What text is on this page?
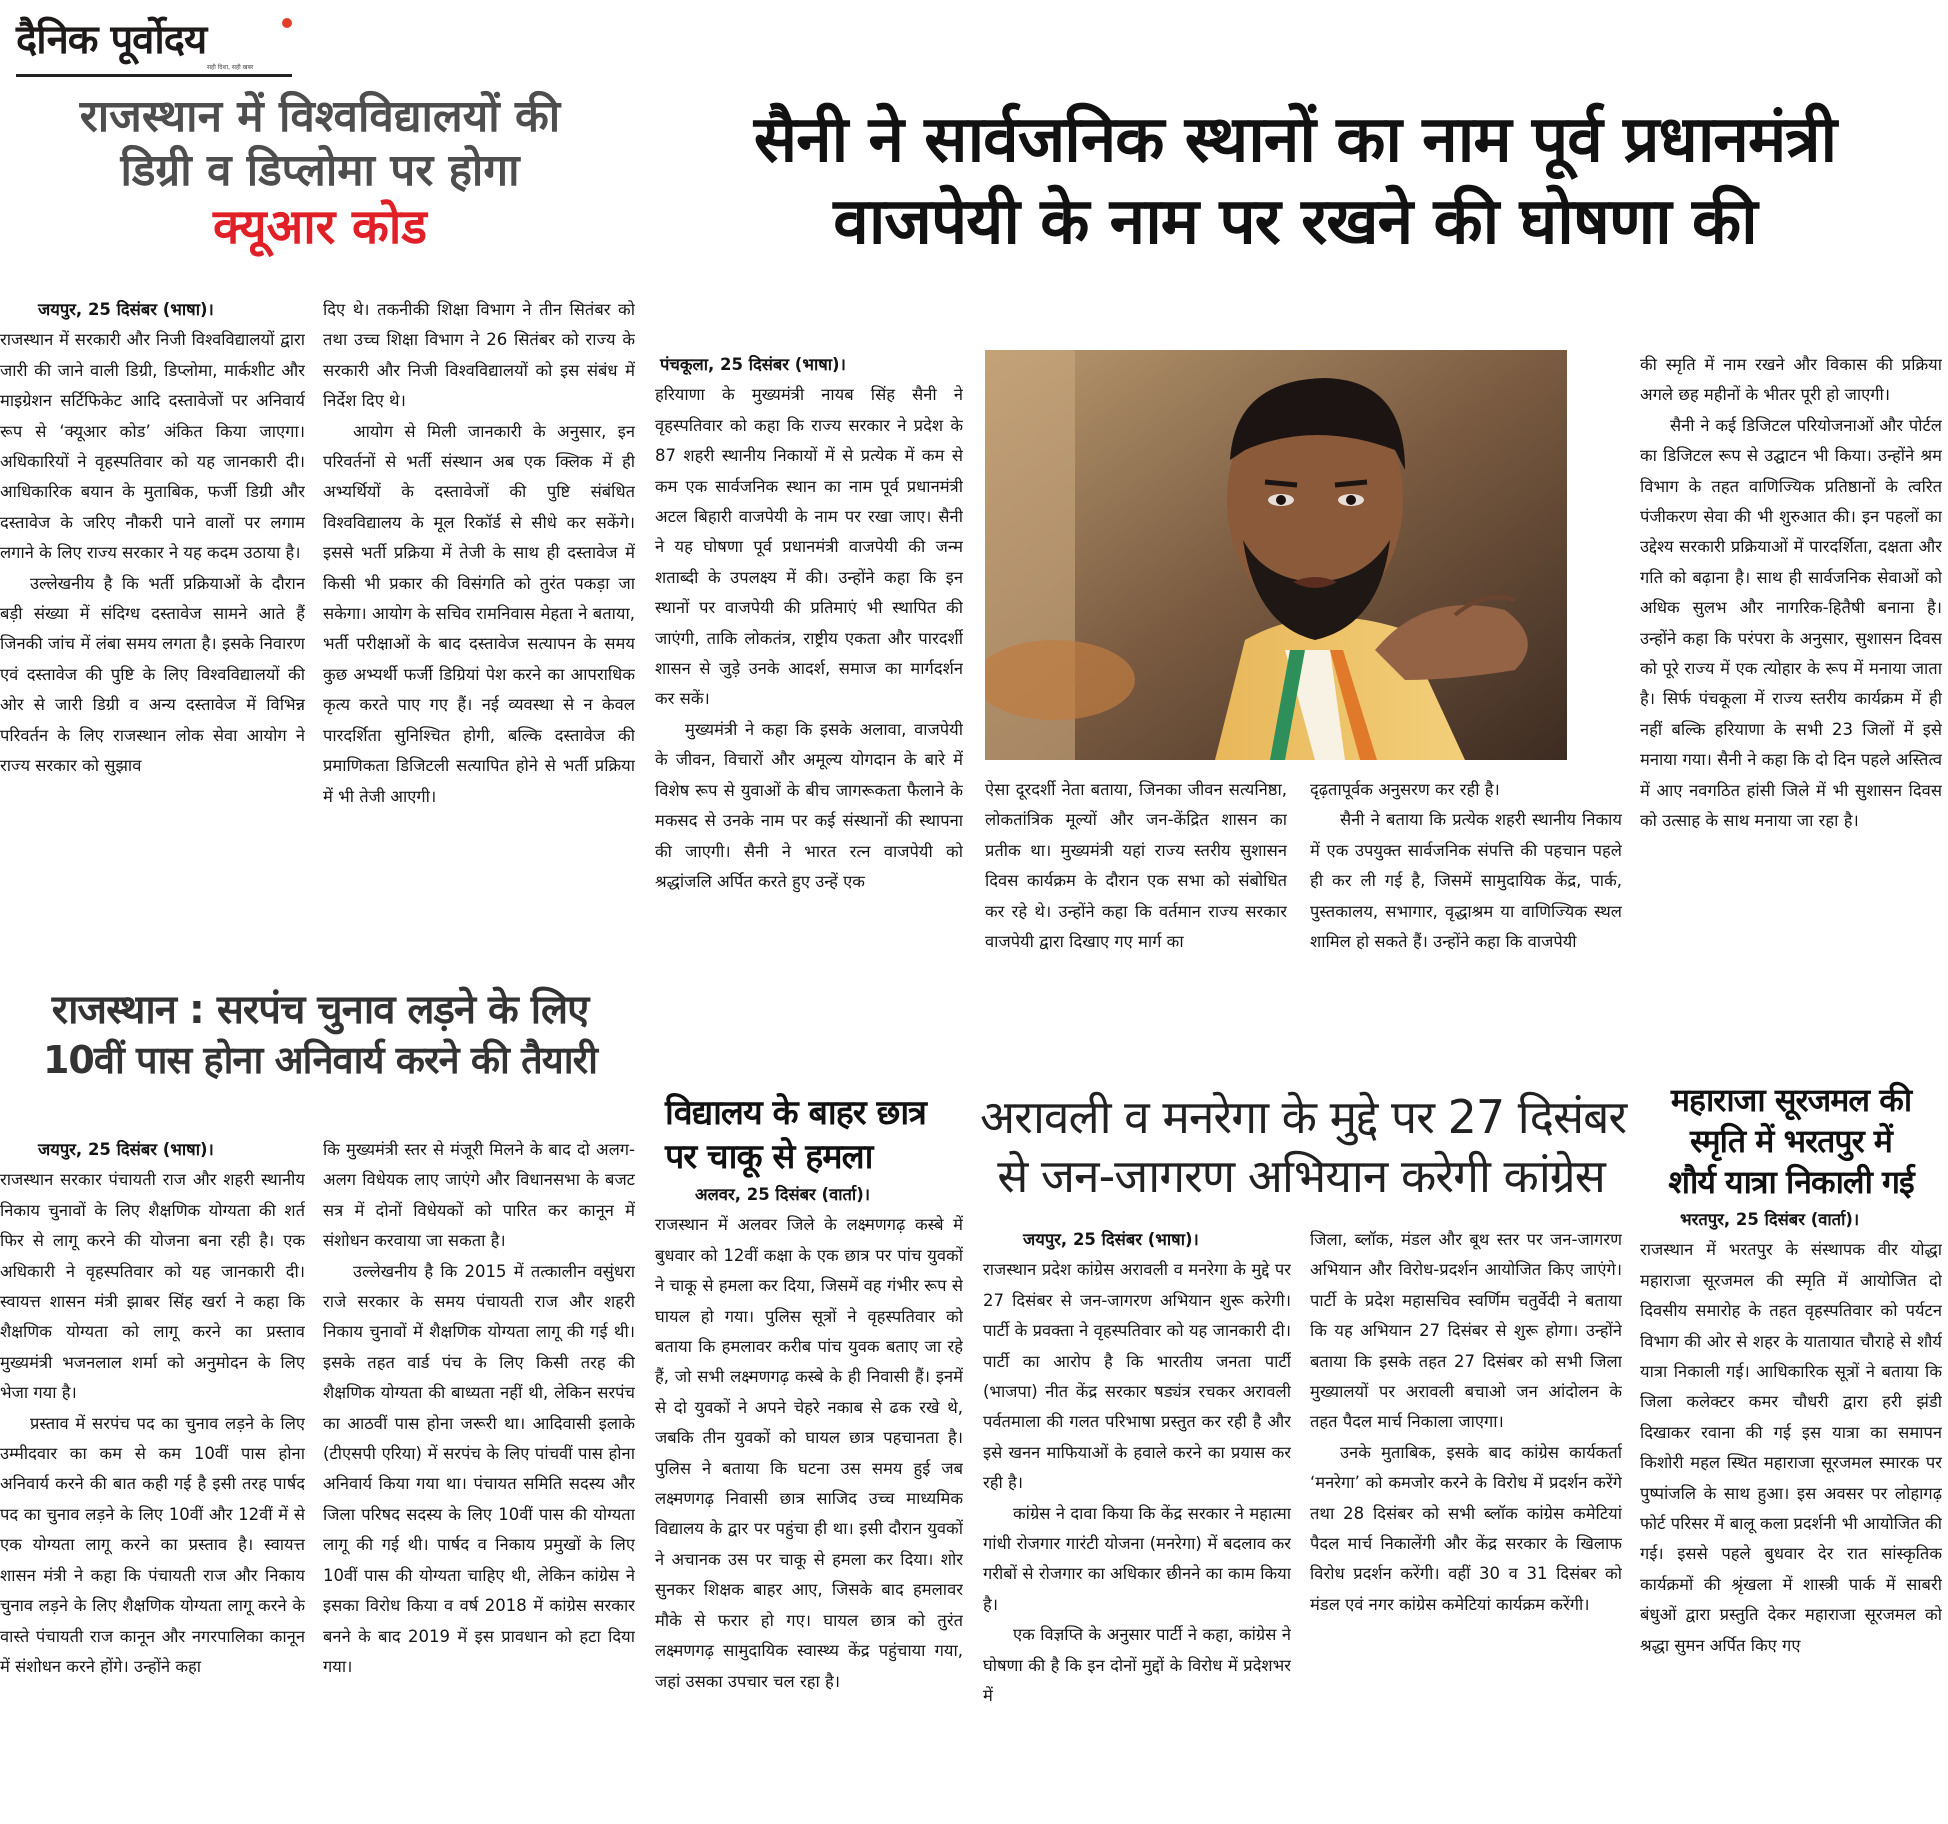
दैनिक पूर्वोदय
सही दिशा, सही खबर
राजस्थान में विश्वविद्यालयों की
डिग्री व डिप्लोमा पर होगा
क्यूआर कोड

जयपुर, 25 दिसंबर (भाषा)।

राजस्थान में सरकारी और निजी विश्वविद्यालयों द्वारा जारी की जाने वाली डिग्री, डिप्लोमा, मार्कशीट और माइग्रेशन सर्टिफिकेट आदि दस्तावेजों पर अनिवार्य रूप से ‘क्यूआर कोड’ अंकित किया जाएगा। अधिकारियों ने वृहस्पतिवार को यह जानकारी दी। आधिकारिक बयान के मुताबिक, फर्जी डिग्री और दस्तावेज के जरिए नौकरी पाने वालों पर लगाम लगाने के लिए राज्य सरकार ने यह कदम उठाया है।

उल्लेखनीय है कि भर्ती प्रक्रियाओं के दौरान बड़ी संख्या में संदिग्ध दस्तावेज सामने आते हैं जिनकी जांच में लंबा समय लगता है। इसके निवारण एवं दस्तावेज की पुष्टि के लिए विश्वविद्यालयों की ओर से जारी डिग्री व अन्य दस्तावेज में विभिन्न परिवर्तन के लिए राजस्थान लोक सेवा आयोग ने राज्य सरकार को सुझाव

दिए थे। तकनीकी शिक्षा विभाग ने तीन सितंबर को तथा उच्च शिक्षा विभाग ने 26 सितंबर को राज्य के सरकारी और निजी विश्वविद्यालयों को इस संबंध में निर्देश दिए थे।

आयोग से मिली जानकारी के अनुसार, इन परिवर्तनों से भर्ती संस्थान अब एक क्लिक में ही अभ्यर्थियों के दस्तावेजों की पुष्टि संबंधित विश्वविद्यालय के मूल रिकॉर्ड से सीधे कर सकेंगे। इससे भर्ती प्रक्रिया में तेजी के साथ ही दस्तावेज में किसी भी प्रकार की विसंगति को तुरंत पकड़ा जा सकेगा। आयोग के सचिव रामनिवास मेहता ने बताया, भर्ती परीक्षाओं के बाद दस्तावेज सत्यापन के समय कुछ अभ्यर्थी फर्जी डिग्रियां पेश करने का आपराधिक कृत्य करते पाए गए हैं। नई व्यवस्था से न केवल पारदर्शिता सुनिश्चित होगी, बल्कि दस्तावेज की प्रमाणिकता डिजिटली सत्यापित होने से भर्ती प्रक्रिया में भी तेजी आएगी।

राजस्थान : सरपंच चुनाव लड़ने के लिए
10वीं पास होना अनिवार्य करने की तैयारी

जयपुर, 25 दिसंबर (भाषा)।

राजस्थान सरकार पंचायती राज और शहरी स्थानीय निकाय चुनावों के लिए शैक्षणिक योग्यता की शर्त फिर से लागू करने की योजना बना रही है। एक अधिकारी ने वृहस्पतिवार को यह जानकारी दी। स्वायत्त शासन मंत्री झाबर सिंह खर्रा ने कहा कि शैक्षणिक योग्यता को लागू करने का प्रस्ताव मुख्यमंत्री भजनलाल शर्मा को अनुमोदन के लिए भेजा गया है।

प्रस्ताव में सरपंच पद का चुनाव लड़ने के लिए उम्मीदवार का कम से कम 10वीं पास होना अनिवार्य करने की बात कही गई है इसी तरह पार्षद पद का चुनाव लड़ने के लिए 10वीं और 12वीं में से एक योग्यता लागू करने का प्रस्ताव है। स्वायत्त शासन मंत्री ने कहा कि पंचायती राज और निकाय चुनाव लड़ने के लिए शैक्षणिक योग्यता लागू करने के वास्ते पंचायती राज कानून और नगरपालिका कानून में संशोधन करने होंगे। उन्होंने कहा

कि मुख्यमंत्री स्तर से मंजूरी मिलने के बाद दो अलग-अलग विधेयक लाए जाएंगे और विधानसभा के बजट सत्र में दोनों विधेयकों को पारित कर कानून में संशोधन करवाया जा सकता है।

उल्लेखनीय है कि 2015 में तत्कालीन वसुंधरा राजे सरकार के समय पंचायती राज और शहरी निकाय चुनावों में शैक्षणिक योग्यता लागू की गई थी। इसके तहत वार्ड पंच के लिए किसी तरह की शैक्षणिक योग्यता की बाध्यता नहीं थी, लेकिन सरपंच का आठवीं पास होना जरूरी था। आदिवासी इलाके (टीएसपी एरिया) में सरपंच के लिए पांचवीं पास होना अनिवार्य किया गया था। पंचायत समिति सदस्य और जिला परिषद सदस्य के लिए 10वीं पास की योग्यता लागू की गई थी। पार्षद व निकाय प्रमुखों के लिए 10वीं पास की योग्यता चाहिए थी, लेकिन कांग्रेस ने इसका विरोध किया व वर्ष 2018 में कांग्रेस सरकार बनने के बाद 2019 में इस प्रावधान को हटा दिया गया।

सैनी ने सार्वजनिक स्थानों का नाम पूर्व प्रधानमंत्री
वाजपेयी के नाम पर रखने की घोषणा की

पंचकूला, 25 दिसंबर (भाषा)।

हरियाणा के मुख्यमंत्री नायब सिंह सैनी ने वृहस्पतिवार को कहा कि राज्य सरकार ने प्रदेश के 87 शहरी स्थानीय निकायों में से प्रत्येक में कम से कम एक सार्वजनिक स्थान का नाम पूर्व प्रधानमंत्री अटल बिहारी वाजपेयी के नाम पर रखा जाए। सैनी ने यह घोषणा पूर्व प्रधानमंत्री वाजपेयी की जन्म शताब्दी के उपलक्ष्य में की। उन्होंने कहा कि इन स्थानों पर वाजपेयी की प्रतिमाएं भी स्थापित की जाएंगी, ताकि लोकतंत्र, राष्ट्रीय एकता और पारदर्शी शासन से जुड़े उनके आदर्श, समाज का मार्गदर्शन कर सकें।

मुख्यमंत्री ने कहा कि इसके अलावा, वाजपेयी के जीवन, विचारों और अमूल्य योगदान के बारे में विशेष रूप से युवाओं के बीच जागरूकता फैलाने के मकसद से उनके नाम पर कई संस्थानों की स्थापना की जाएगी। सैनी ने भारत रत्न वाजपेयी को श्रद्धांजलि अर्पित करते हुए उन्हें एक

ऐसा दूरदर्शी नेता बताया, जिनका जीवन सत्यनिष्ठा, लोकतांत्रिक मूल्यों और जन-केंद्रित शासन का प्रतीक था। मुख्यमंत्री यहां राज्य स्तरीय सुशासन दिवस कार्यक्रम के दौरान एक सभा को संबोधित कर रहे थे। उन्होंने कहा कि वर्तमान राज्य सरकार वाजपेयी द्वारा दिखाए गए मार्ग का

दृढ़तापूर्वक अनुसरण कर रही है।

सैनी ने बताया कि प्रत्येक शहरी स्थानीय निकाय में एक उपयुक्त सार्वजनिक संपत्ति की पहचान पहले ही कर ली गई है, जिसमें सामुदायिक केंद्र, पार्क, पुस्तकालय, सभागार, वृद्धाश्रम या वाणिज्यिक स्थल शामिल हो सकते हैं। उन्होंने कहा कि वाजपेयी

की स्मृति में नाम रखने और विकास की प्रक्रिया अगले छह महीनों के भीतर पूरी हो जाएगी।

सैनी ने कई डिजिटल परियोजनाओं और पोर्टल का डिजिटल रूप से उद्घाटन भी किया। उन्होंने श्रम विभाग के तहत वाणिज्यिक प्रतिष्ठानों के त्वरित पंजीकरण सेवा की भी शुरुआत की। इन पहलों का उद्देश्य सरकारी प्रक्रियाओं में पारदर्शिता, दक्षता और गति को बढ़ाना है। साथ ही सार्वजनिक सेवाओं को अधिक सुलभ और नागरिक-हितैषी बनाना है। उन्होंने कहा कि परंपरा के अनुसार, सुशासन दिवस को पूरे राज्य में एक त्योहार के रूप में मनाया जाता है। सिर्फ पंचकूला में राज्य स्तरीय कार्यक्रम में ही नहीं बल्कि हरियाणा के सभी 23 जिलों में इसे मनाया गया। सैनी ने कहा कि दो दिन पहले अस्तित्व में आए नवगठित हांसी जिले में भी सुशासन दिवस को उत्साह के साथ मनाया जा रहा है।

विद्यालय के बाहर छात्र
पर चाकू से हमला

अलवर, 25 दिसंबर (वार्ता)।

राजस्थान में अलवर जिले के लक्ष्मणगढ़ कस्बे में बुधवार को 12वीं कक्षा के एक छात्र पर पांच युवकों ने चाकू से हमला कर दिया, जिसमें वह गंभीर रूप से घायल हो गया। पुलिस सूत्रों ने वृहस्पतिवार को बताया कि हमलावर करीब पांच युवक बताए जा रहे हैं, जो सभी लक्ष्मणगढ़ कस्बे के ही निवासी हैं। इनमें से दो युवकों ने अपने चेहरे नकाब से ढक रखे थे, जबकि तीन युवकों को घायल छात्र पहचानता है। पुलिस ने बताया कि घटना उस समय हुई जब लक्ष्मणगढ़ निवासी छात्र साजिद उच्च माध्यमिक विद्यालय के द्वार पर पहुंचा ही था। इसी दौरान युवकों ने अचानक उस पर चाकू से हमला कर दिया। शोर सुनकर शिक्षक बाहर आए, जिसके बाद हमलावर मौके से फरार हो गए। घायल छात्र को तुरंत लक्ष्मणगढ़ सामुदायिक स्वास्थ्य केंद्र पहुंचाया गया, जहां उसका उपचार चल रहा है।

अरावली व मनरेगा के मुद्दे पर 27 दिसंबर
से जन-जागरण अभियान करेगी कांग्रेस

जयपुर, 25 दिसंबर (भाषा)।

राजस्थान प्रदेश कांग्रेस अरावली व मनरेगा के मुद्दे पर 27 दिसंबर से जन-जागरण अभियान शुरू करेगी। पार्टी के प्रवक्ता ने वृहस्पतिवार को यह जानकारी दी। पार्टी का आरोप है कि भारतीय जनता पार्टी (भाजपा) नीत केंद्र सरकार षड्यंत्र रचकर अरावली पर्वतमाला की गलत परिभाषा प्रस्तुत कर रही है और इसे खनन माफियाओं के हवाले करने का प्रयास कर रही है।

कांग्रेस ने दावा किया कि केंद्र सरकार ने महात्मा गांधी रोजगार गारंटी योजना (मनरेगा) में बदलाव कर गरीबों से रोजगार का अधिकार छीनने का काम किया है।

एक विज्ञप्ति के अनुसार पार्टी ने कहा, कांग्रेस ने घोषणा की है कि इन दोनों मुद्दों के विरोध में प्रदेशभर में

जिला, ब्लॉक, मंडल और बूथ स्तर पर जन-जागरण अभियान और विरोध-प्रदर्शन आयोजित किए जाएंगे। पार्टी के प्रदेश महासचिव स्वर्णिम चतुर्वेदी ने बताया कि यह अभियान 27 दिसंबर से शुरू होगा। उन्होंने बताया कि इसके तहत 27 दिसंबर को सभी जिला मुख्यालयों पर अरावली बचाओ जन आंदोलन के तहत पैदल मार्च निकाला जाएगा।

उनके मुताबिक, इसके बाद कांग्रेस कार्यकर्ता ‘मनरेगा’ को कमजोर करने के विरोध में प्रदर्शन करेंगे तथा 28 दिसंबर को सभी ब्लॉक कांग्रेस कमेटियां पैदल मार्च निकालेंगी और केंद्र सरकार के खिलाफ विरोध प्रदर्शन करेंगी। वहीं 30 व 31 दिसंबर को मंडल एवं नगर कांग्रेस कमेटियां कार्यक्रम करेंगी।

महाराजा सूरजमल की
स्मृति में भरतपुर में
शौर्य यात्रा निकाली गई

भरतपुर, 25 दिसंबर (वार्ता)।

राजस्थान में भरतपुर के संस्थापक वीर योद्धा महाराजा सूरजमल की स्मृति में आयोजित दो दिवसीय समारोह के तहत वृहस्पतिवार को पर्यटन विभाग की ओर से शहर के यातायात चौराहे से शौर्य यात्रा निकाली गई। आधिकारिक सूत्रों ने बताया कि जिला कलेक्टर कमर चौधरी द्वारा हरी झंडी दिखाकर रवाना की गई इस यात्रा का समापन किशोरी महल स्थित महाराजा सूरजमल स्मारक पर पुष्पांजलि के साथ हुआ। इस अवसर पर लोहागढ़ फोर्ट परिसर में बालू कला प्रदर्शनी भी आयोजित की गई। इससे पहले बुधवार देर रात सांस्कृतिक कार्यक्रमों की श्रृंखला में शास्त्री पार्क में साबरी बंधुओं द्वारा प्रस्तुति देकर महाराजा सूरजमल को श्रद्धा सुमन अर्पित किए गए
